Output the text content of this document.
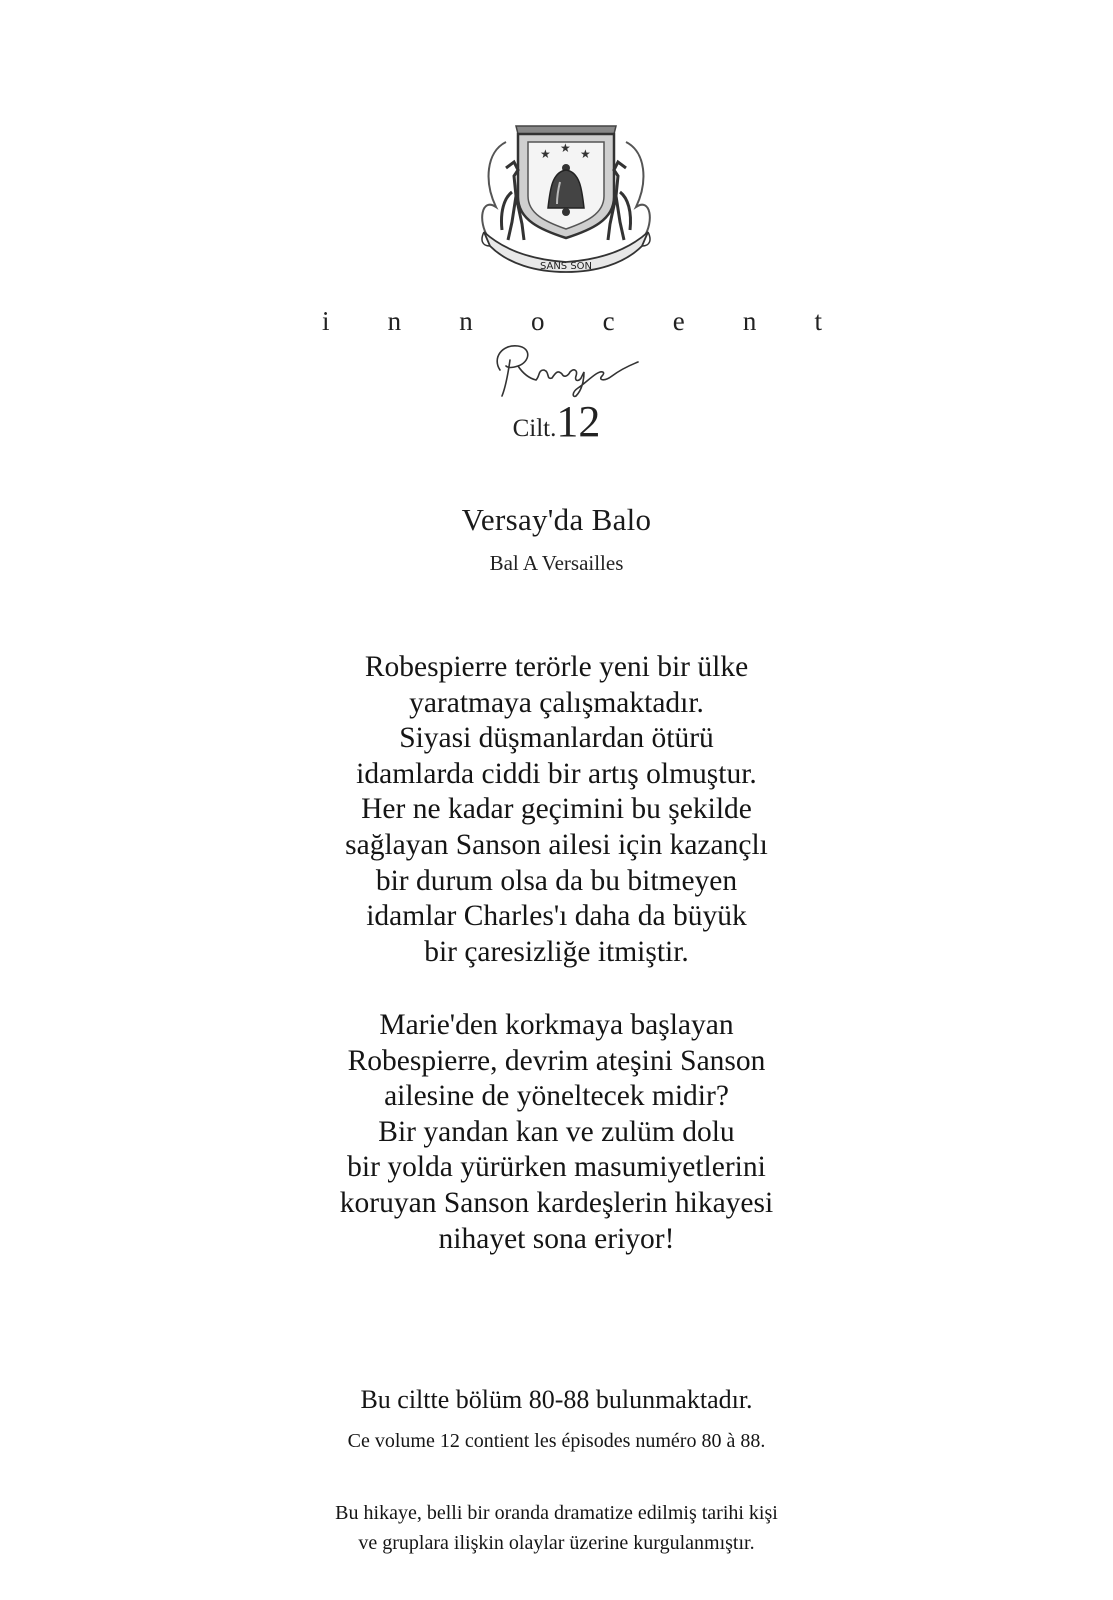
★ ★ ★
SANS SON
i n n o c e n t
Cilt.12
Versay'da Balo
Bal A Versailles
Robespierre terörle yeni bir ülke
yaratmaya çalışmaktadır.
Siyasi düşmanlardan ötürü
idamlarda ciddi bir artış olmuştur.
Her ne kadar geçimini bu şekilde
sağlayan Sanson ailesi için kazançlı
bir durum olsa da bu bitmeyen
idamlar Charles'ı daha da büyük
bir çaresizliğe itmiştir.
Marie'den korkmaya başlayan
Robespierre, devrim ateşini Sanson
ailesine de yöneltecek midir?
Bir yandan kan ve zulüm dolu
bir yolda yürürken masumiyetlerini
koruyan Sanson kardeşlerin hikayesi
nihayet sona eriyor!
Bu ciltte bölüm 80-88 bulunmaktadır.
Ce volume 12 contient les épisodes numéro 80 à 88.
Bu hikaye, belli bir oranda dramatize edilmiş tarihi kişi
ve gruplara ilişkin olaylar üzerine kurgulanmıştır.
